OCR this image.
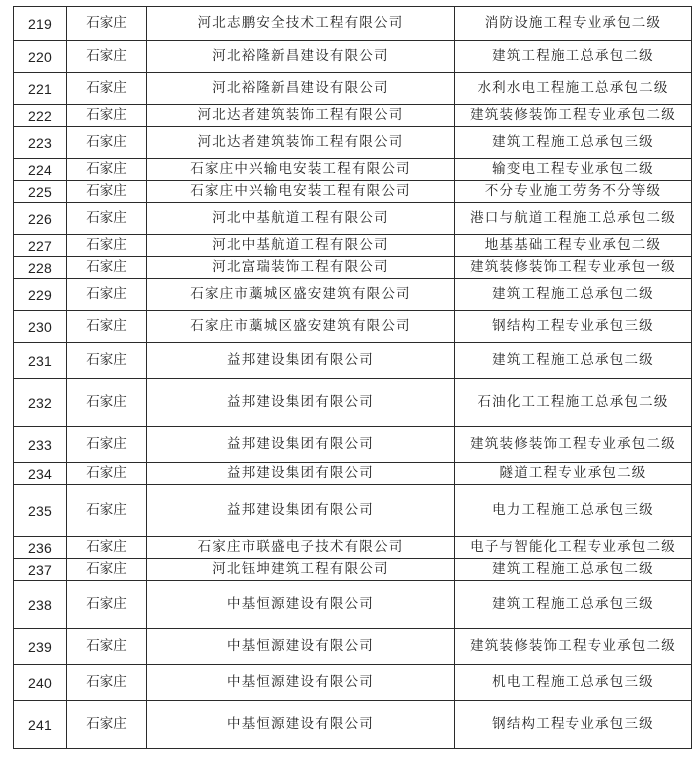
219	石家庄	河北志鹏安全技术工程有限公司	消防设施工程专业承包二级
220	石家庄	河北裕隆新昌建设有限公司	建筑工程施工总承包二级
221	石家庄	河北裕隆新昌建设有限公司	水利水电工程施工总承包二级
222	石家庄	河北达者建筑装饰工程有限公司	建筑装修装饰工程专业承包二级
223	石家庄	河北达者建筑装饰工程有限公司	建筑工程施工总承包三级
224	石家庄	石家庄中兴输电安装工程有限公司	输变电工程专业承包二级
225	石家庄	石家庄中兴输电安装工程有限公司	不分专业施工劳务不分等级
226	石家庄	河北中基航道工程有限公司	港口与航道工程施工总承包二级
227	石家庄	河北中基航道工程有限公司	地基基础工程专业承包二级
228	石家庄	河北富瑞装饰工程有限公司	建筑装修装饰工程专业承包一级
229	石家庄	石家庄市藁城区盛安建筑有限公司	建筑工程施工总承包二级
230	石家庄	石家庄市藁城区盛安建筑有限公司	钢结构工程专业承包三级
231	石家庄	益邦建设集团有限公司	建筑工程施工总承包二级
232	石家庄	益邦建设集团有限公司	石油化工工程施工总承包二级
233	石家庄	益邦建设集团有限公司	建筑装修装饰工程专业承包二级
234	石家庄	益邦建设集团有限公司	隧道工程专业承包二级
235	石家庄	益邦建设集团有限公司	电力工程施工总承包三级
236	石家庄	石家庄市联盛电子技术有限公司	电子与智能化工程专业承包二级
237	石家庄	河北钰坤建筑工程有限公司	建筑工程施工总承包二级
238	石家庄	中基恒源建设有限公司	建筑工程施工总承包三级
239	石家庄	中基恒源建设有限公司	建筑装修装饰工程专业承包二级
240	石家庄	中基恒源建设有限公司	机电工程施工总承包三级
241	石家庄	中基恒源建设有限公司	钢结构工程专业承包三级
